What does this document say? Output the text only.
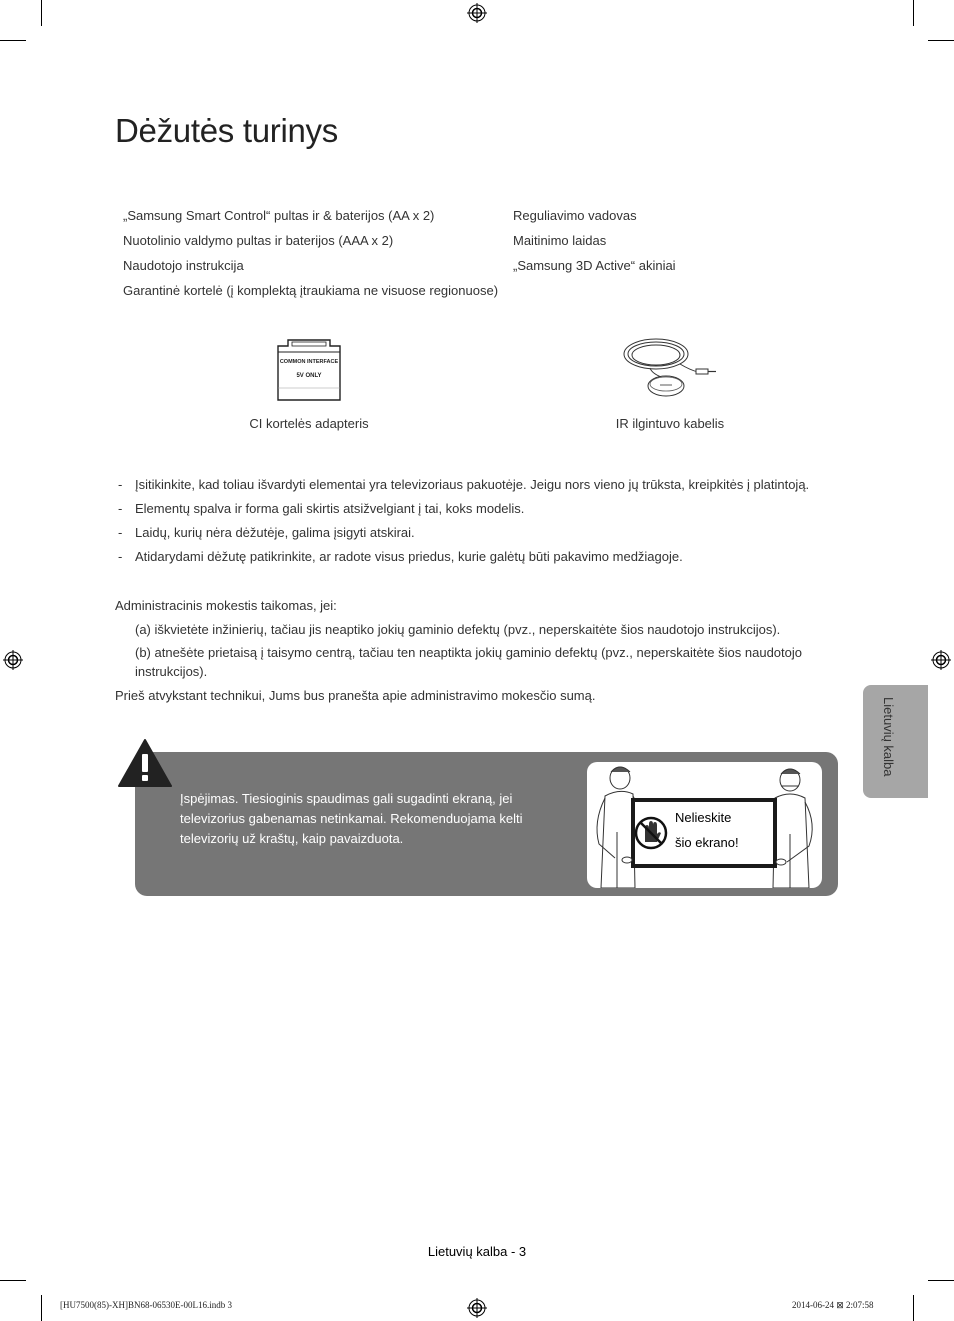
Dėžutės turinys
„Samsung Smart Control“ pultas ir & baterijos (AA x 2)
Nuotolinio valdymo pultas ir baterijos (AAA x 2)
Naudotojo instrukcija
Garantinė kortelė (į komplektą įtraukiama ne visuose regionuose)
Reguliavimo vadovas
Maitinimo laidas
„Samsung 3D Active“ akiniai
COMMON INTERFACE
5V ONLY
CI kortelės adapteris	IR ilgintuvo kabelis
- Įsitikinkite, kad toliau išvardyti elementai yra televizoriaus pakuotėje. Jeigu nors vieno jų trūksta, kreipkitės į platintoją.
- Elementų spalva ir forma gali skirtis atsižvelgiant į tai, koks modelis.
- Laidų, kurių nėra dėžutėje, galima įsigyti atskirai.
- Atidarydami dėžutę patikrinkite, ar radote visus priedus, kurie galėtų būti pakavimo medžiagoje.

Administracinis mokestis taikomas, jei:

(a) iškvietėte inžinierių, tačiau jis neaptiko jokių gaminio defektų (pvz., neperskaitėte šios naudotojo instrukcijos).

(b) atnešėte prietaisą į taisymo centrą, tačiau ten neaptikta jokių gaminio defektų (pvz., neperskaitėte šios naudotojo instrukcijos).

Prieš atvykstant technikui, Jums bus pranešta apie administravimo mokesčio sumą.

Lietuvių kalba
Įspėjimas. Tiesioginis spaudimas gali sugadinti ekraną, jei televizorius gabenamas netinkamai. Rekomenduojama kelti televizorių už kraštų, kaip pavaizduota.
Nelieskite
šio ekrano!
Lietuvių kalba - 3
[HU7500(85)-XH]BN68-06530E-00L16.indb 3	2014-06-24 ⊠ 2:07:58
